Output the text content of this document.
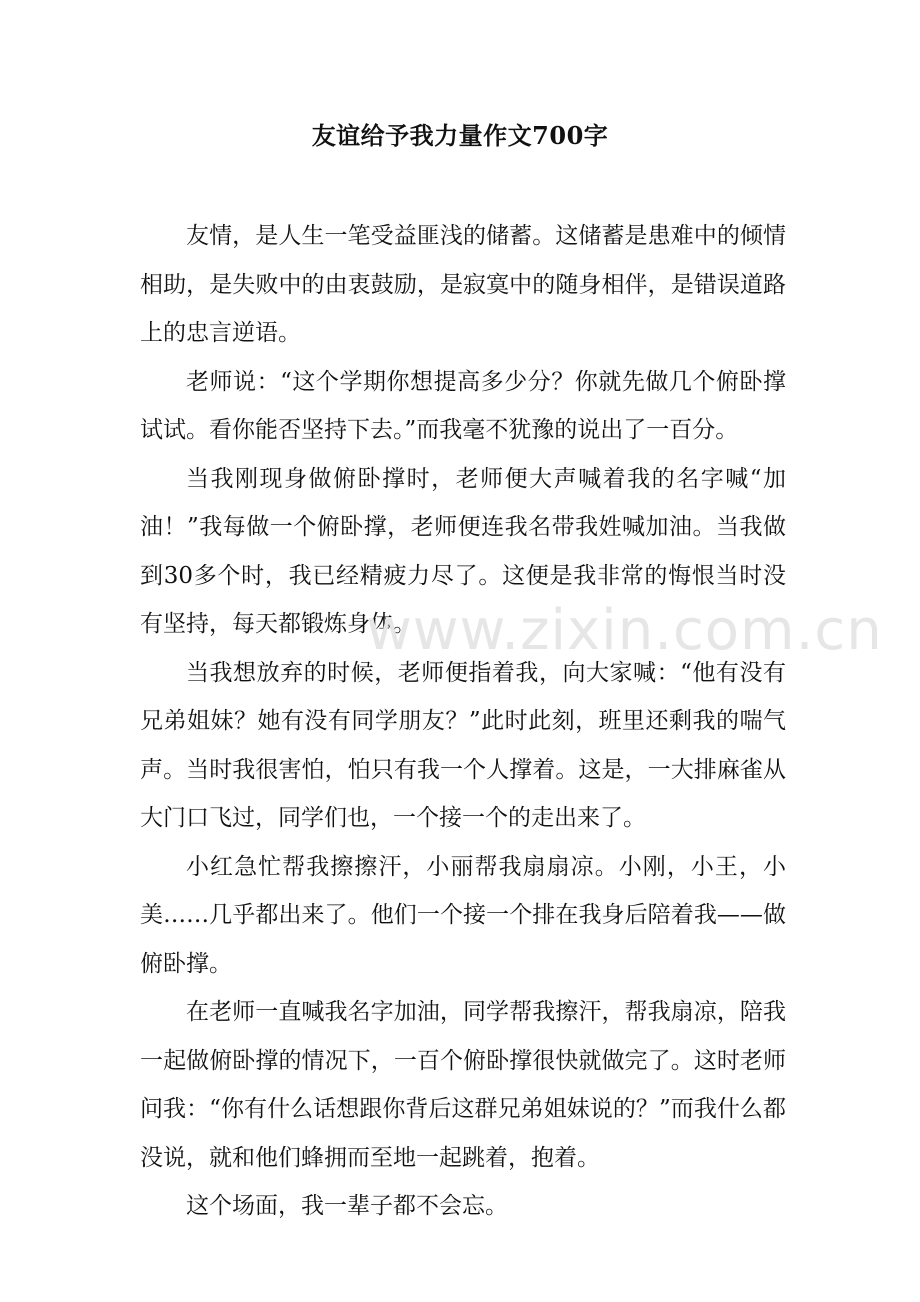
友谊给予我力量作文700字

友情，是人生一笔受益匪浅的储蓄。这储蓄是患难中的倾情相助，是失败中的由衷鼓励，是寂寞中的随身相伴，是错误道路上的忠言逆语。

老师说：“这个学期你想提高多少分？你就先做几个俯卧撑试试。看你能否坚持下去。”而我毫不犹豫的说出了一百分。

当我刚现身做俯卧撑时，老师便大声喊着我的名字喊“加油！”我每做一个俯卧撑，老师便连我名带我姓喊加油。当我做到30多个时，我已经精疲力尽了。这便是我非常的悔恨当时没有坚持，每天都锻炼身体。

当我想放弃的时候，老师便指着我，向大家喊：“他有没有兄弟姐妹？她有没有同学朋友？”此时此刻，班里还剩我的喘气声。当时我很害怕，怕只有我一个人撑着。这是，一大排麻雀从大门口飞过，同学们也，一个接一个的走出来了。

小红急忙帮我擦擦汗，小丽帮我扇扇凉。小刚，小王，小美……几乎都出来了。他们一个接一个排在我身后陪着我——做俯卧撑。

在老师一直喊我名字加油，同学帮我擦汗，帮我扇凉，陪我一起做俯卧撑的情况下，一百个俯卧撑很快就做完了。这时老师问我：“你有什么话想跟你背后这群兄弟姐妹说的？”而我什么都没说，就和他们蜂拥而至地一起跳着，抱着。

这个场面，我一辈子都不会忘。

www.zixin.com.cn
